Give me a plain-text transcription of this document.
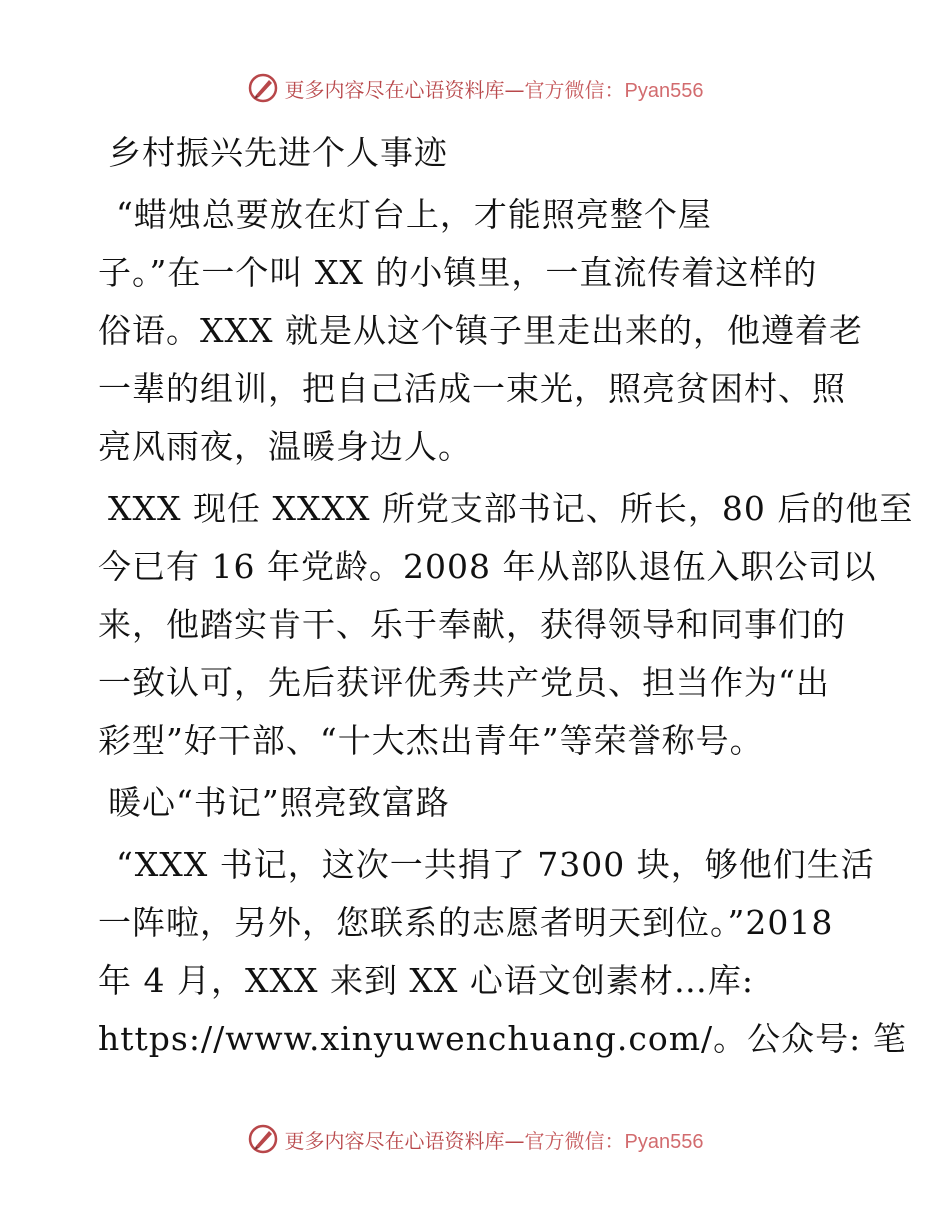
更多内容尽在心语资料库—官方微信：Pyan556
乡村振兴先进个人事迹
“蜡烛总要放在灯台上，才能照亮整个屋
子。”在一个叫 XX 的小镇里，一直流传着这样的
俗语。XXX 就是从这个镇子里走出来的，他遵着老
一辈的组训，把自己活成一束光，照亮贫困村、照
亮风雨夜，温暖身边人。
XXX 现任 XXXX 所党支部书记、所长，80 后的他至
今已有 16 年党龄。2008 年从部队退伍入职公司以
来，他踏实肯干、乐于奉献，获得领导和同事们的
一致认可，先后获评优秀共产党员、担当作为“出
彩型”好干部、“十大杰出青年”等荣誉称号。
暖心“书记”照亮致富路
“XXX 书记，这次一共捐了 7300 块，够他们生活
一阵啦，另外，您联系的志愿者明天到位。”2018
年 4 月，XXX 来到 XX 心语文创素材…库:
https://www.xinyuwenchuang.com/。公众号: 笔
更多内容尽在心语资料库—官方微信：Pyan556
